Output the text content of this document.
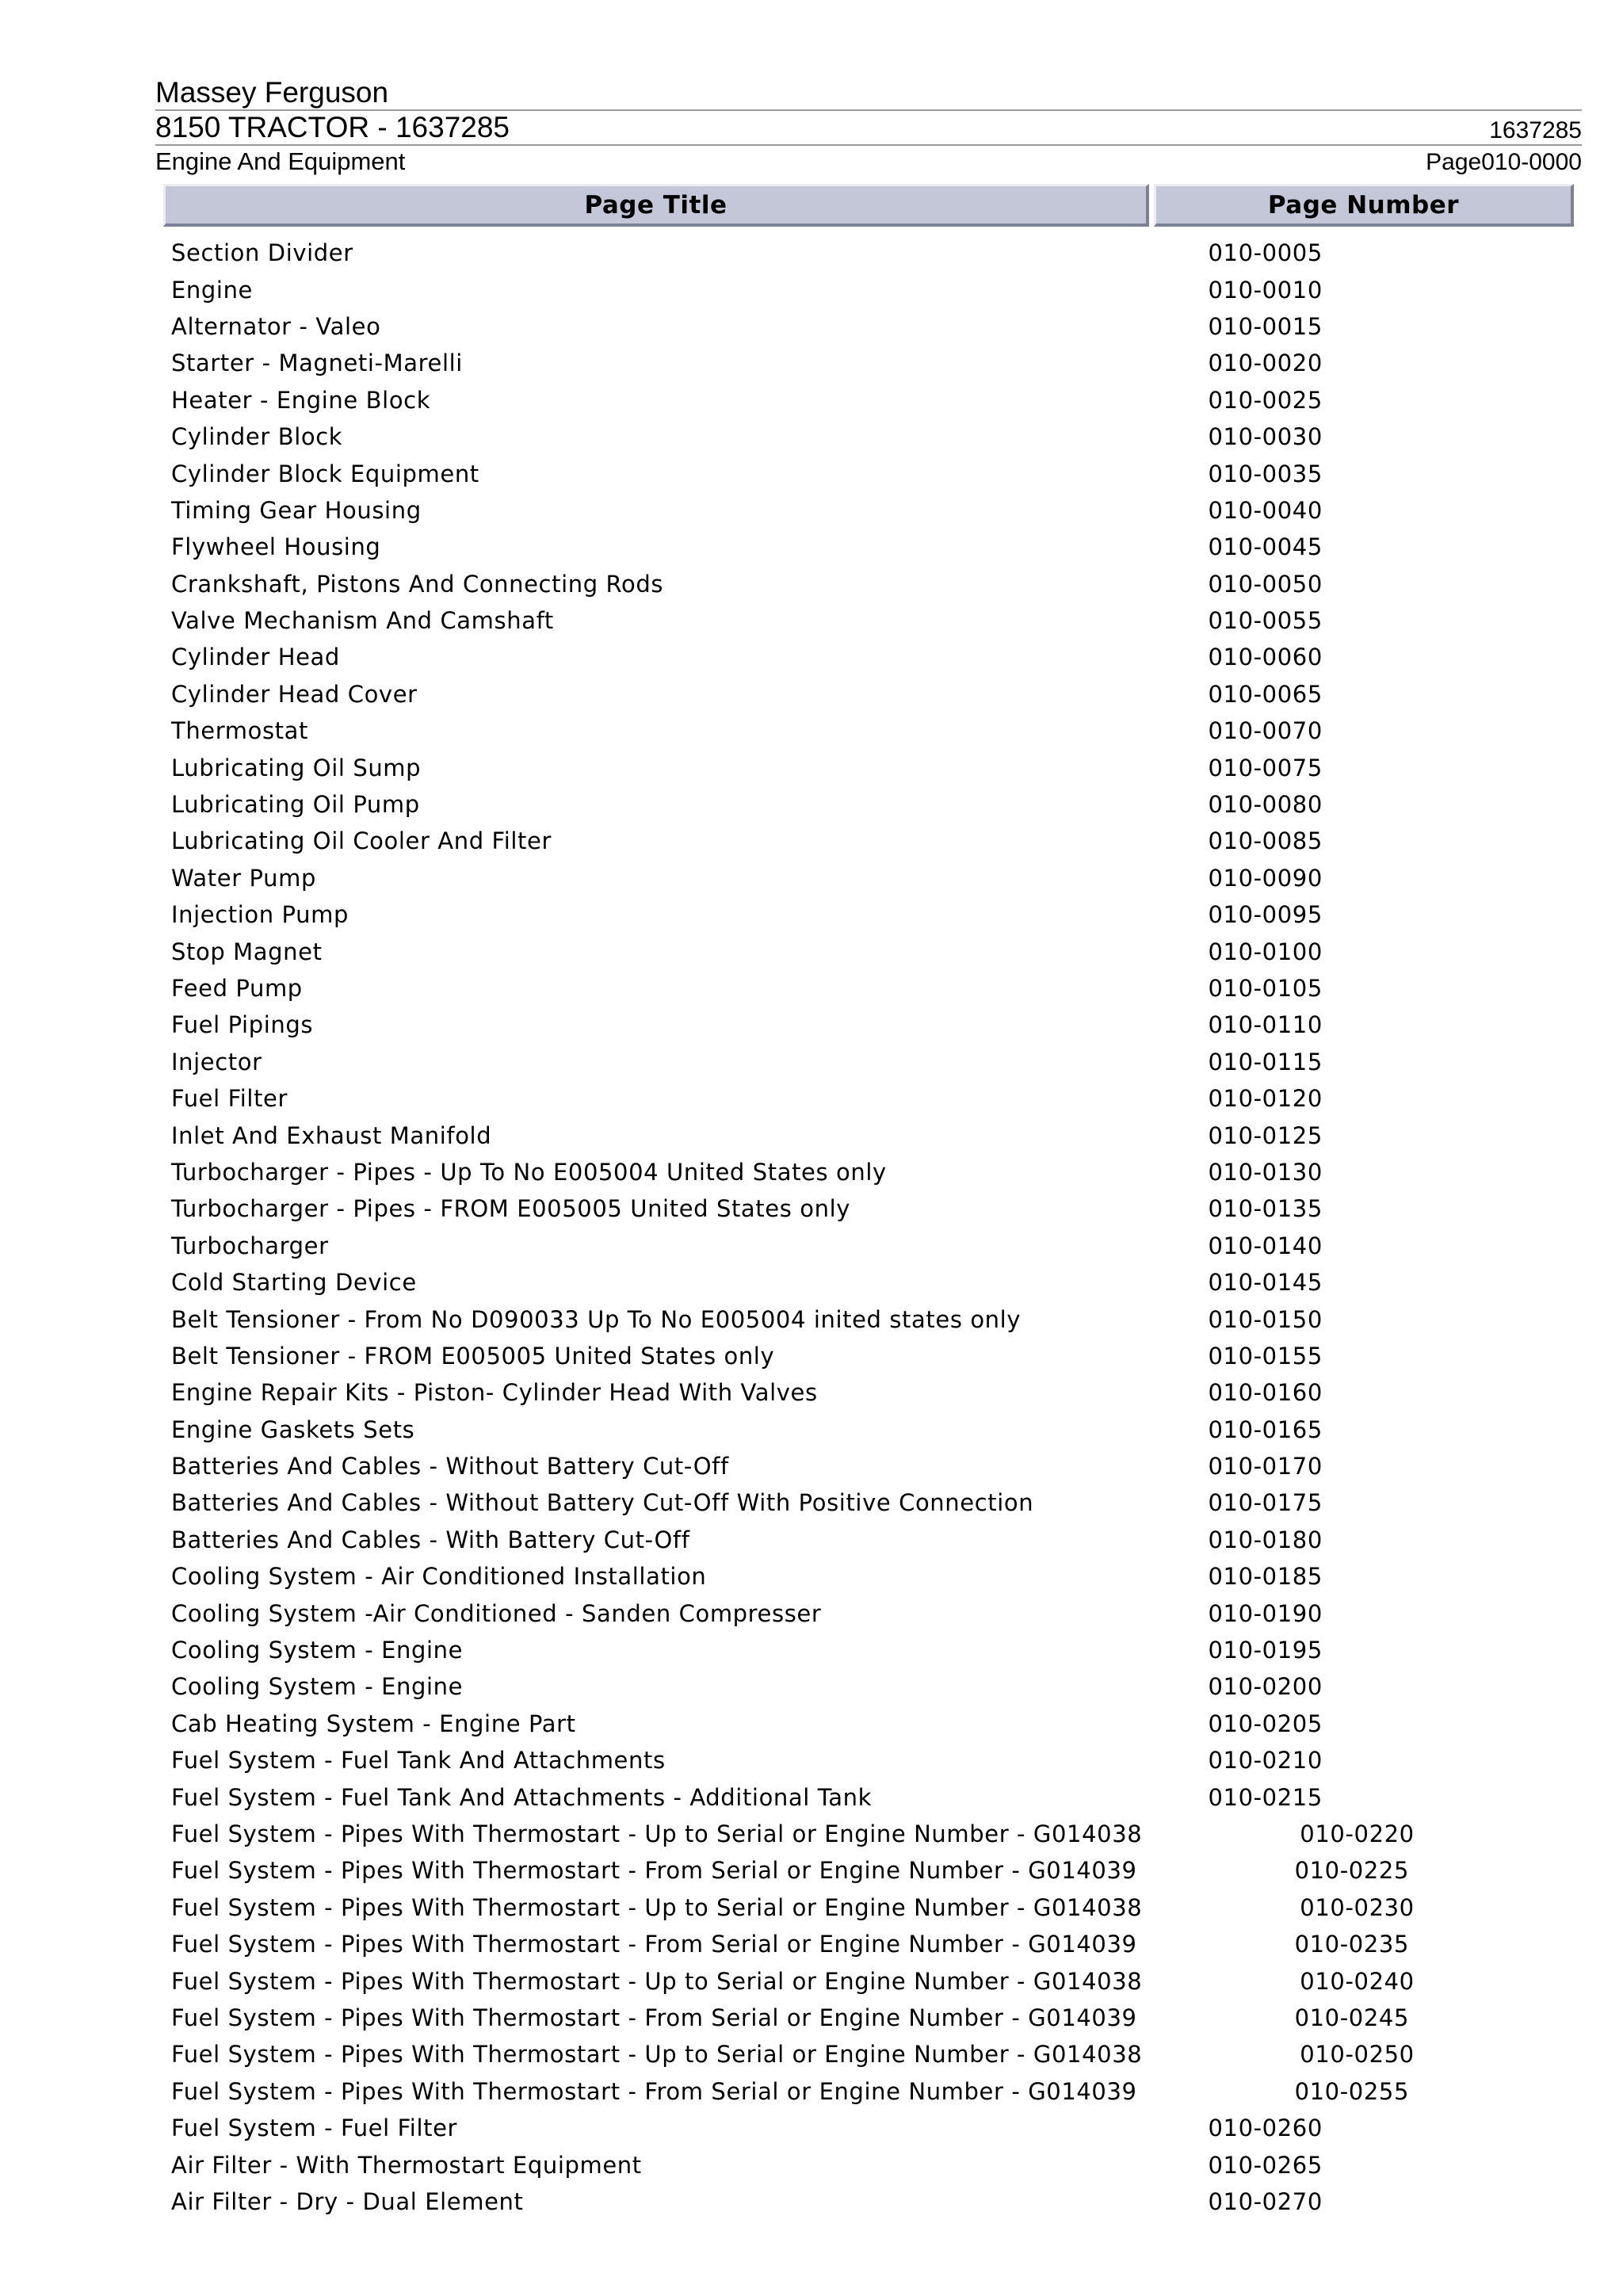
Massey Ferguson
8150 TRACTOR - 1637285	1637285
Engine And Equipment	Page010-0000
Page Title	Page Number
Section Divider	010-0005
Engine	010-0010
Alternator - Valeo	010-0015
Starter - Magneti-Marelli	010-0020
Heater - Engine Block	010-0025
Cylinder Block	010-0030
Cylinder Block Equipment	010-0035
Timing Gear Housing	010-0040
Flywheel Housing	010-0045
Crankshaft, Pistons And Connecting Rods	010-0050
Valve Mechanism And Camshaft	010-0055
Cylinder Head	010-0060
Cylinder Head Cover	010-0065
Thermostat	010-0070
Lubricating Oil Sump	010-0075
Lubricating Oil Pump	010-0080
Lubricating Oil Cooler And Filter	010-0085
Water Pump	010-0090
Injection Pump	010-0095
Stop Magnet	010-0100
Feed Pump	010-0105
Fuel Pipings	010-0110
Injector	010-0115
Fuel Filter	010-0120
Inlet And Exhaust Manifold	010-0125
Turbocharger - Pipes - Up To No E005004 United States only	010-0130
Turbocharger - Pipes - FROM E005005 United States only	010-0135
Turbocharger	010-0140
Cold Starting Device	010-0145
Belt Tensioner - From No D090033 Up To No E005004 inited states only	010-0150
Belt Tensioner - FROM E005005 United States only	010-0155
Engine Repair Kits - Piston- Cylinder Head With Valves	010-0160
Engine Gaskets Sets	010-0165
Batteries And Cables - Without Battery Cut-Off	010-0170
Batteries And Cables - Without Battery Cut-Off With Positive Connection	010-0175
Batteries And Cables - With Battery Cut-Off	010-0180
Cooling System - Air Conditioned Installation	010-0185
Cooling System -Air Conditioned - Sanden Compresser	010-0190
Cooling System - Engine	010-0195
Cooling System - Engine	010-0200
Cab Heating System - Engine Part	010-0205
Fuel System - Fuel Tank And Attachments	010-0210
Fuel System - Fuel Tank And Attachments - Additional Tank	010-0215
Fuel System - Pipes With Thermostart - Up to Serial or Engine Number - G014038	010-0220
Fuel System - Pipes With Thermostart - From Serial or Engine Number - G014039	010-0225
Fuel System - Pipes With Thermostart - Up to Serial or Engine Number - G014038	010-0230
Fuel System - Pipes With Thermostart - From Serial or Engine Number - G014039	010-0235
Fuel System - Pipes With Thermostart - Up to Serial or Engine Number - G014038	010-0240
Fuel System - Pipes With Thermostart - From Serial or Engine Number - G014039	010-0245
Fuel System - Pipes With Thermostart - Up to Serial or Engine Number - G014038	010-0250
Fuel System - Pipes With Thermostart - From Serial or Engine Number - G014039	010-0255
Fuel System - Fuel Filter	010-0260
Air Filter - With Thermostart Equipment	010-0265
Air Filter - Dry - Dual Element	010-0270
